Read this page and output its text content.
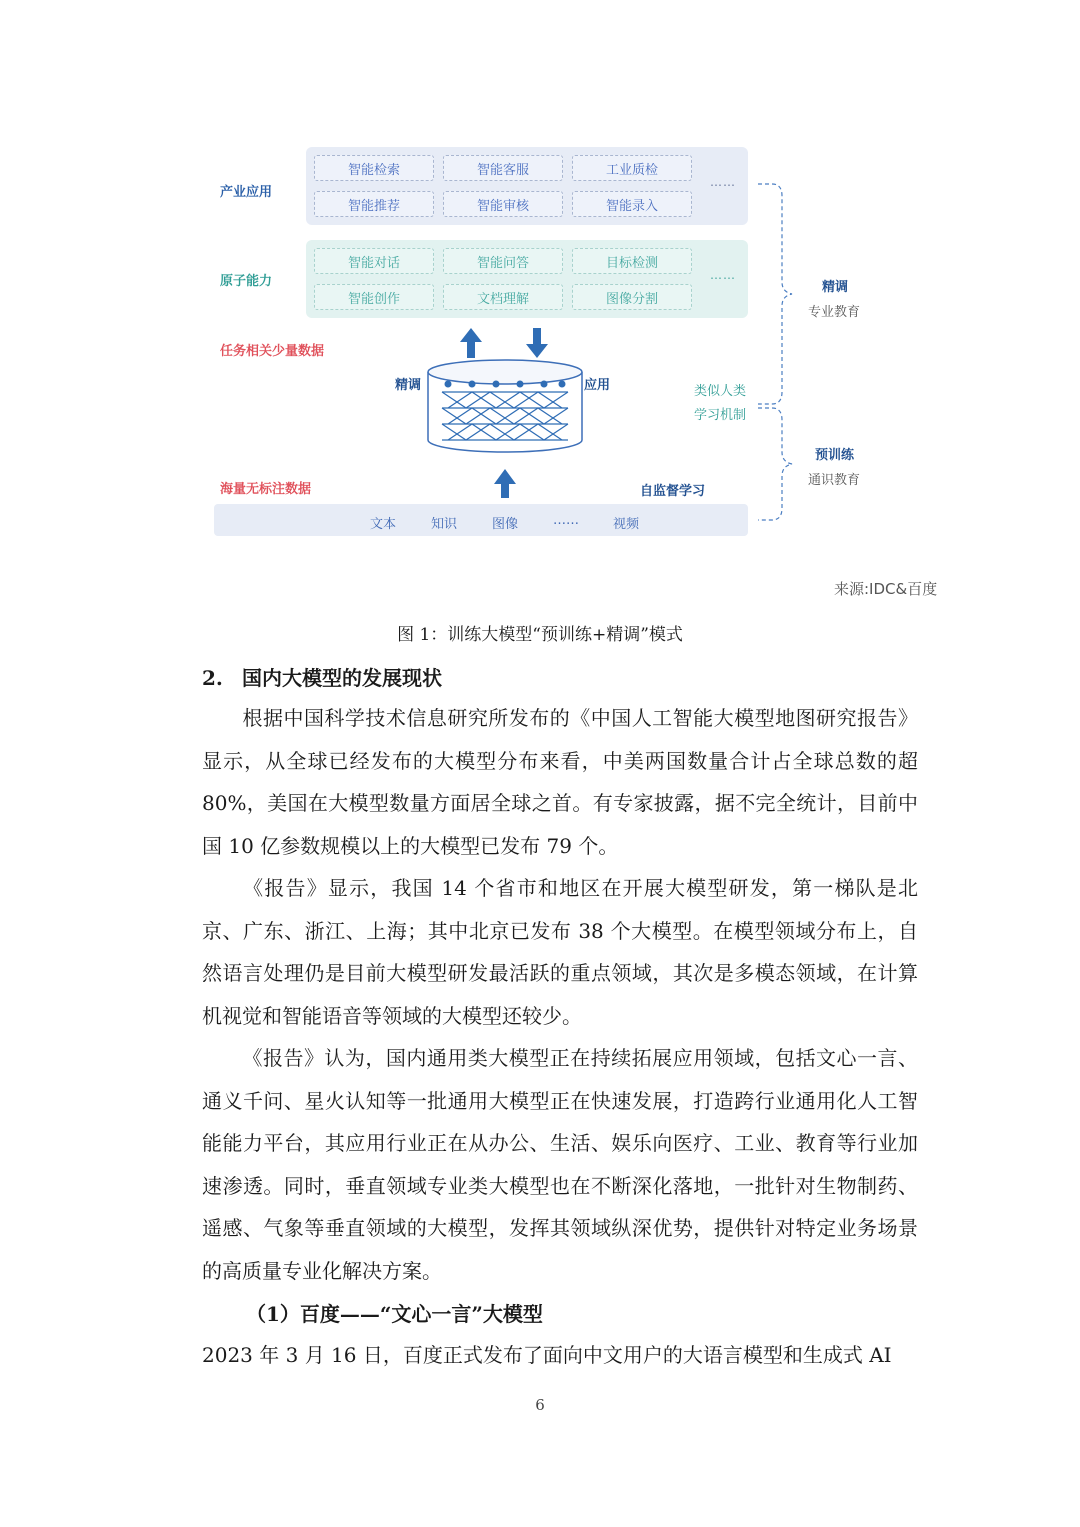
产业应用
智能检索	智能客服	工业质检
智能推荐	智能审核	智能录入
……
原子能力
智能对话	智能问答	目标检测
智能创作	文档理解	图像分割
……
任务相关少量数据
海量无标注数据
精调	应用
自监督学习
文本	知识	图像	……	视频
类似人类
学习机制
精调
专业教育
预训练
通识教育
来源:IDC&百度
图 1：训练大模型“预训练+精调”模式
2. 国内大模型的发展现状

根据中国科学技术信息研究所发布的《中国人工智能大模型地图研究报告》显示，从全球已经发布的大模型分布来看，中美两国数量合计占全球总数的超 80%，美国在大模型数量方面居全球之首。有专家披露，据不完全统计，目前中国 10 亿参数规模以上的大模型已发布 79 个。

《报告》显示，我国 14 个省市和地区在开展大模型研发，第一梯队是北京、广东、浙江、上海；其中北京已发布 38 个大模型。在模型领域分布上，自然语言处理仍是目前大模型研发最活跃的重点领域，其次是多模态领域，在计算机视觉和智能语音等领域的大模型还较少。

《报告》认为，国内通用类大模型正在持续拓展应用领域，包括文心一言、通义千问、星火认知等一批通用大模型正在快速发展，打造跨行业通用化人工智能能力平台，其应用行业正在从办公、生活、娱乐向医疗、工业、教育等行业加速渗透。同时，垂直领域专业类大模型也在不断深化落地，一批针对生物制药、遥感、气象等垂直领域的大模型，发挥其领域纵深优势，提供针对特定业务场景的高质量专业化解决方案。

（1）百度——“文心一言”大模型

2023 年 3 月 16 日，百度正式发布了面向中文用户的大语言模型和生成式 AI

6
